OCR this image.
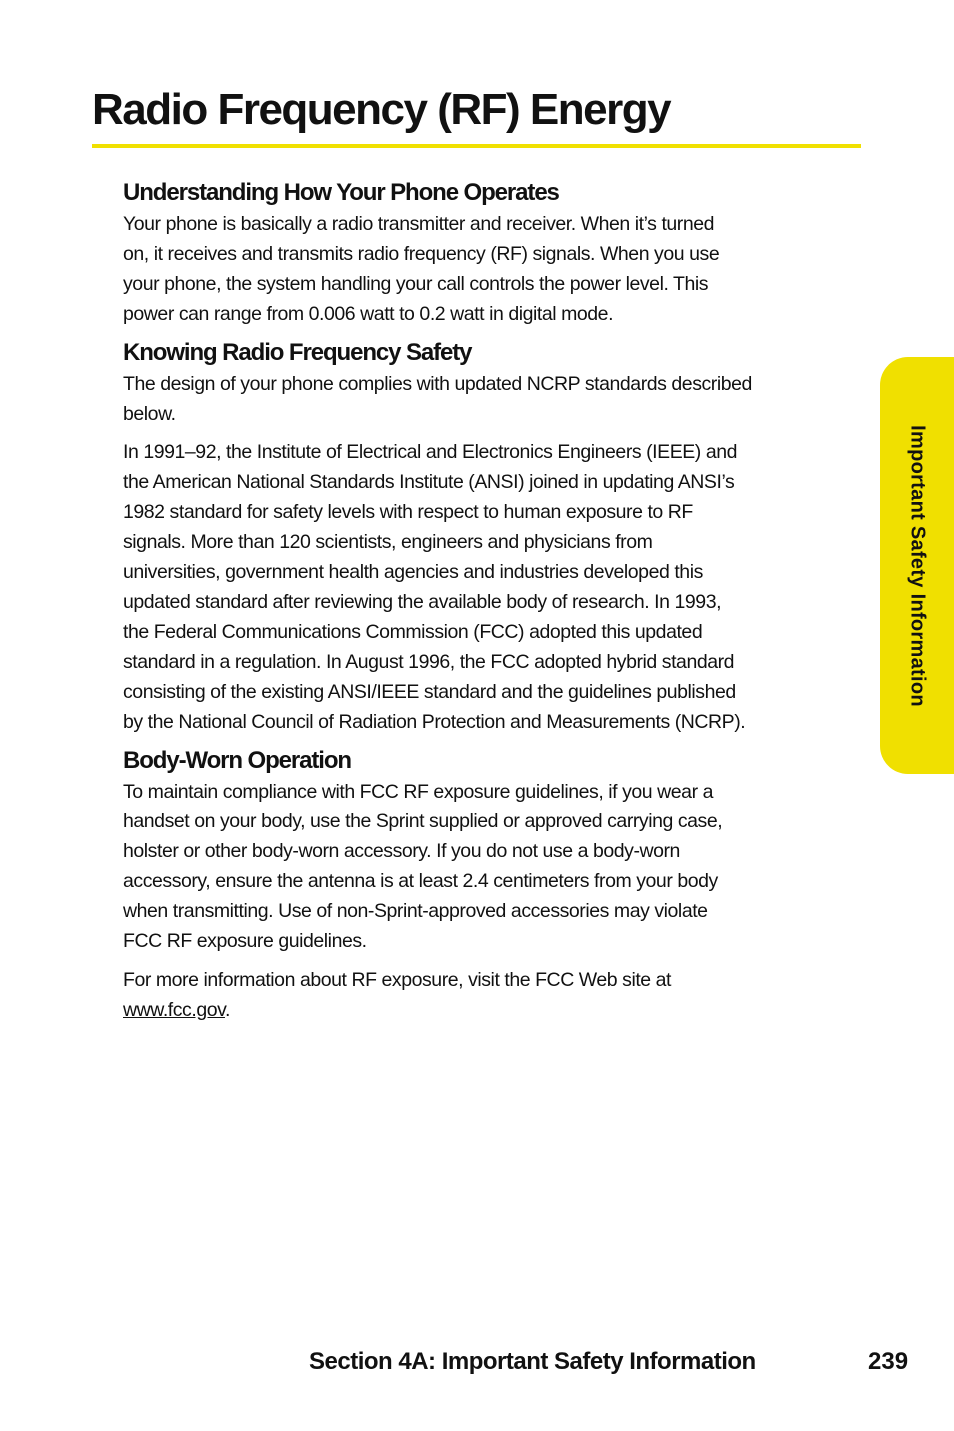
Radio Frequency (RF) Energy
Understanding How Your Phone Operates

Your phone is basically a radio transmitter and receiver. When it’s turned
on, it receives and transmits radio frequency (RF) signals. When you use
your phone, the system handling your call controls the power level. This
power can range from 0.006 watt to 0.2 watt in digital mode.

Knowing Radio Frequency Safety

The design of your phone complies with updated NCRP standards described
below.

In 1991–92, the Institute of Electrical and Electronics Engineers (IEEE) and
the American National Standards Institute (ANSI) joined in updating ANSI’s
1982 standard for safety levels with respect to human exposure to RF
signals. More than 120 scientists, engineers and physicians from
universities, government health agencies and industries developed this
updated standard after reviewing the available body of research. In 1993,
the Federal Communications Commission (FCC) adopted this updated
standard in a regulation. In August 1996, the FCC adopted hybrid standard
consisting of the existing ANSI/IEEE standard and the guidelines published
by the National Council of Radiation Protection and Measurements (NCRP).

Body-Worn Operation

To maintain compliance with FCC RF exposure guidelines, if you wear a
handset on your body, use the Sprint supplied or approved carrying case,
holster or other body-worn accessory. If you do not use a body-worn
accessory, ensure the antenna is at least 2.4 centimeters from your body
when transmitting. Use of non-Sprint-approved accessories may violate
FCC RF exposure guidelines.

For more information about RF exposure, visit the FCC Web site at
www.fcc.gov.

Important Safety Information
Section 4A: Important Safety Information	239
